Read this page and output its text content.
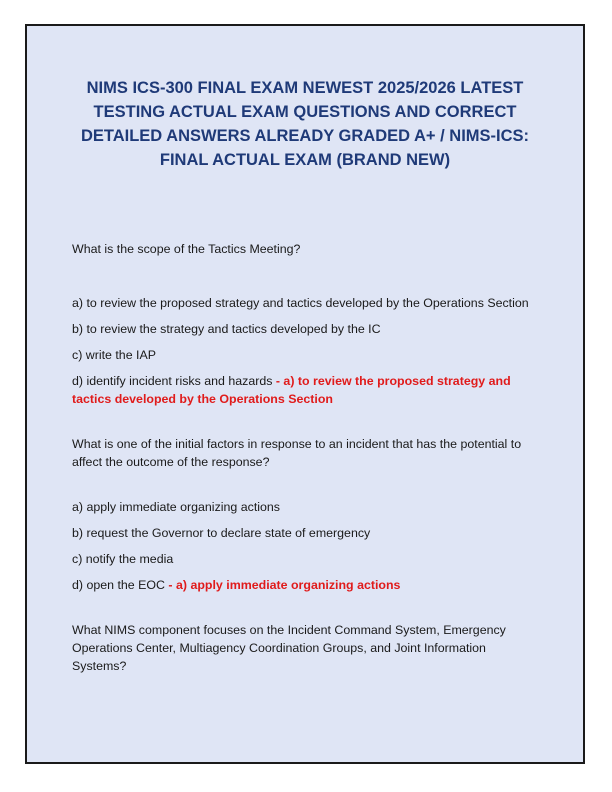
NIMS ICS-300 FINAL EXAM NEWEST 2025/2026 LATEST TESTING ACTUAL EXAM QUESTIONS AND CORRECT DETAILED ANSWERS ALREADY GRADED A+ / NIMS-ICS: FINAL ACTUAL EXAM (BRAND NEW)

What is the scope of the Tactics Meeting?

a) to review the proposed strategy and tactics developed by the Operations Section
b) to review the strategy and tactics developed by the IC
c) write the IAP
d) identify incident risks and hazards - a) to review the proposed strategy and tactics developed by the Operations Section

What is one of the initial factors in response to an incident that has the potential to affect the outcome of the response?

a) apply immediate organizing actions
b) request the Governor to declare state of emergency
c) notify the media
d) open the EOC - a) apply immediate organizing actions

What NIMS component focuses on the Incident Command System, Emergency Operations Center, Multiagency Coordination Groups, and Joint Information Systems?
